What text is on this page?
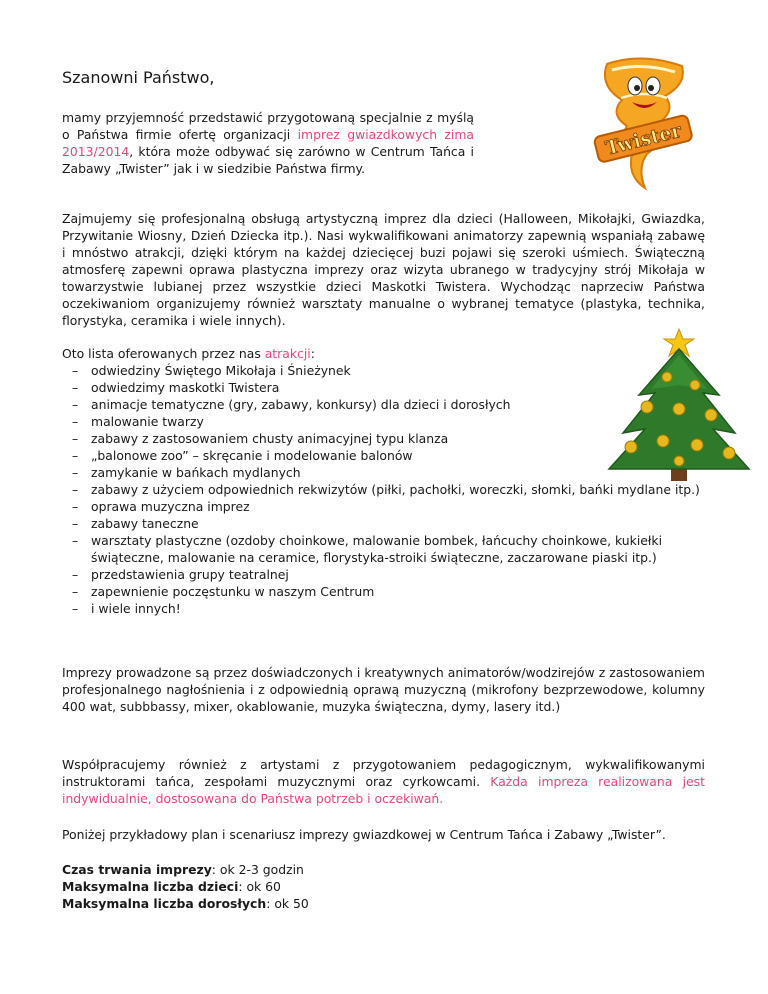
Szanowni Państwo,

mamy przyjemność przedstawić przygotowaną specjalnie z myślą o Państwa firmie ofertę organizacji imprez gwiazdkowych zima 2013/2014, która może odbywać się zarówno w Centrum Tańca i Zabawy „Twister” jak i w siedzibie Państwa firmy.

Twister

Zajmujemy się profesjonalną obsługą artystyczną imprez dla dzieci (Halloween, Mikołajki, Gwiazdka, Przywitanie Wiosny, Dzień Dziecka itp.). Nasi wykwalifikowani animatorzy zapewnią wspaniałą zabawę i mnóstwo atrakcji, dzięki którym na każdej dziecięcej buzi pojawi się szeroki uśmiech. Świąteczną atmosferę zapewni oprawa plastyczna imprezy oraz wizyta ubranego w tradycyjny strój Mikołaja w towarzystwie lubianej przez wszystkie dzieci Maskotki Twistera. Wychodząc naprzeciw Państwa oczekiwaniom organizujemy również warsztaty manualne o wybranej tematyce (plastyka, technika, florystyka, ceramika i wiele innych).

Oto lista oferowanych przez nas atrakcji:

– odwiedziny Świętego Mikołaja i Śnieżynek
– odwiedzimy maskotki Twistera
– animacje tematyczne (gry, zabawy, konkursy) dla dzieci i dorosłych
– malowanie twarzy
– zabawy z zastosowaniem chusty animacyjnej typu klanza
– „balonowe zoo” – skręcanie i modelowanie balonów
– zamykanie w bańkach mydlanych
– zabawy z użyciem odpowiednich rekwizytów (piłki, pachołki, woreczki, słomki, bańki mydlane itp.)
– oprawa muzyczna imprez
– zabawy taneczne
– warsztaty plastyczne (ozdoby choinkowe, malowanie bombek, łańcuchy choinkowe, kukiełki świąteczne, malowanie na ceramice, florystyka-stroiki świąteczne, zaczarowane piaski itp.)
– przedstawienia grupy teatralnej
– zapewnienie poczęstunku w naszym Centrum
– i wiele innych!

Imprezy prowadzone są przez doświadczonych i kreatywnych animatorów/wodzirejów z zastosowaniem profesjonalnego nagłośnienia i z odpowiednią oprawą muzyczną (mikrofony bezprzewodowe, kolumny 400 wat, subbbassy, mixer, okablowanie, muzyka świąteczna, dymy, lasery itd.)

Współpracujemy również z artystami z przygotowaniem pedagogicznym, wykwalifikowanymi instruktorami tańca, zespołami muzycznymi oraz cyrkowcami. Każda impreza realizowana jest indywidualnie, dostosowana do Państwa potrzeb i oczekiwań.

Poniżej przykładowy plan i scenariusz imprezy gwiazdkowej w Centrum Tańca i Zabawy „Twister”.

Czas trwania imprezy: ok 2-3 godzin
Maksymalna liczba dzieci: ok 60
Maksymalna liczba dorosłych: ok 50
